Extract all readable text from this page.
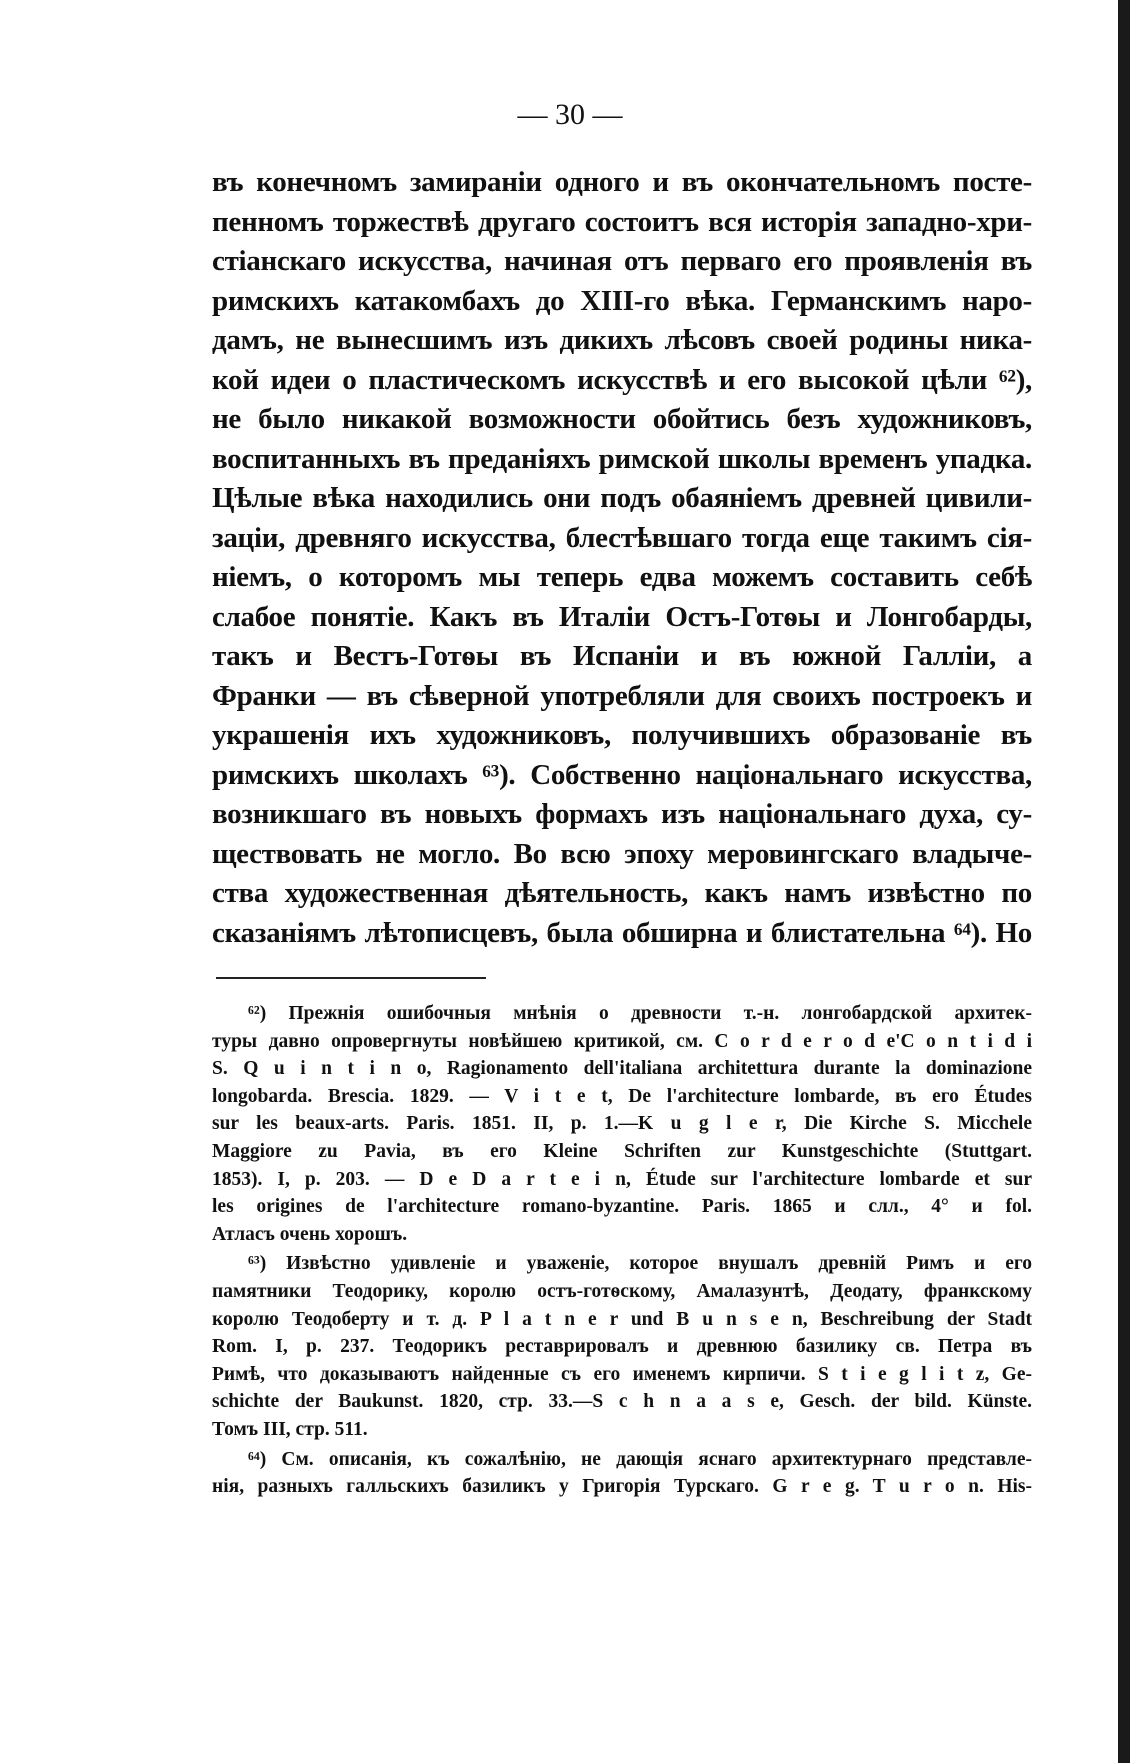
— 30 —
въ конечномъ замираніи одного и въ окончательномъ посте-
пенномъ торжествѣ другаго состоитъ вся исторія западно-хри-
стіанскаго искусства, начиная отъ перваго его проявленія въ
римскихъ катакомбахъ до XIII-го вѣка. Германскимъ наро-
дамъ, не вынесшимъ изъ дикихъ лѣсовъ своей родины ника-
кой идеи о пластическомъ искусствѣ и его высокой цѣли ⁶²),
не было никакой возможности обойтись безъ художниковъ,
воспитанныхъ въ преданіяхъ римской школы временъ упадка.
Цѣлые вѣка находились они подъ обаяніемъ древней цивили-
заціи, древняго искусства, блестѣвшаго тогда еще такимъ сія-
ніемъ, о которомъ мы теперь едва можемъ составить себѣ
слабое понятіе. Какъ въ Италіи Остъ-Готѳы и Лонгобарды,
такъ и Вестъ-Готѳы въ Испаніи и въ южной Галліи, а
Франки — въ сѣверной употребляли для своихъ построекъ и
украшенія ихъ художниковъ, получившихъ образованіе въ
римскихъ школахъ ⁶³). Собственно національнаго искусства,
возникшаго въ новыхъ формахъ изъ національнаго духа, су-
ществовать не могло. Во всю эпоху меровингскаго владыче-
ства художественная дѣятельность, какъ намъ извѣстно по
сказаніямъ лѣтописцевъ, была обширна и блистательна ⁶⁴). Но
⁶²) Прежнія ошибочныя мнѣнія о древности т.-н. лонгобардской архитек-
туры давно опровергнуты новѣйшею критикой, см. C o r d e r o d e'C o n t i d i
S. Q u i n t i n o, Ragionamento dell'italiana architettura durante la dominazione
longobarda. Brescia. 1829. — V i t e t, De l'architecture lombarde, въ его Études
sur les beaux-arts. Paris. 1851. II, p. 1.—K u g l e r, Die Kirche S. Micchele
Maggiore zu Pavia, въ его Kleine Schriften zur Kunstgeschichte (Stuttgart.
1853). I, p. 203. — D e D a r t e i n, Étude sur l'architecture lombarde et sur
les origines de l'architecture romano-byzantine. Paris. 1865 и слл., 4° и fol.
Атласъ очень хорошъ.
⁶³) Извѣстно удивленіе и уваженіе, которое внушалъ древній Римъ и его
памятники Теодорику, королю остъ-готѳскому, Амалазунтѣ, Деодату, франкскому
королю Теодоберту и т. д. P l a t n e r und B u n s e n, Beschreibung der Stadt
Rom. I, p. 237. Теодорикъ реставрировалъ и древнюю базилику св. Петра въ
Римѣ, что доказываютъ найденные съ его именемъ кирпичи. S t i e g l i t z, Ge-
schichte der Baukunst. 1820, стр. 33.—S c h n a a s e, Gesch. der bild. Künste.
Томъ III, стр. 511.
⁶⁴) См. описанія, къ сожалѣнію, не дающія яснаго архитектурнаго представле-
нія, разныхъ галльскихъ базиликъ у Григорія Турскаго. G r e g. T u r o n. His-
